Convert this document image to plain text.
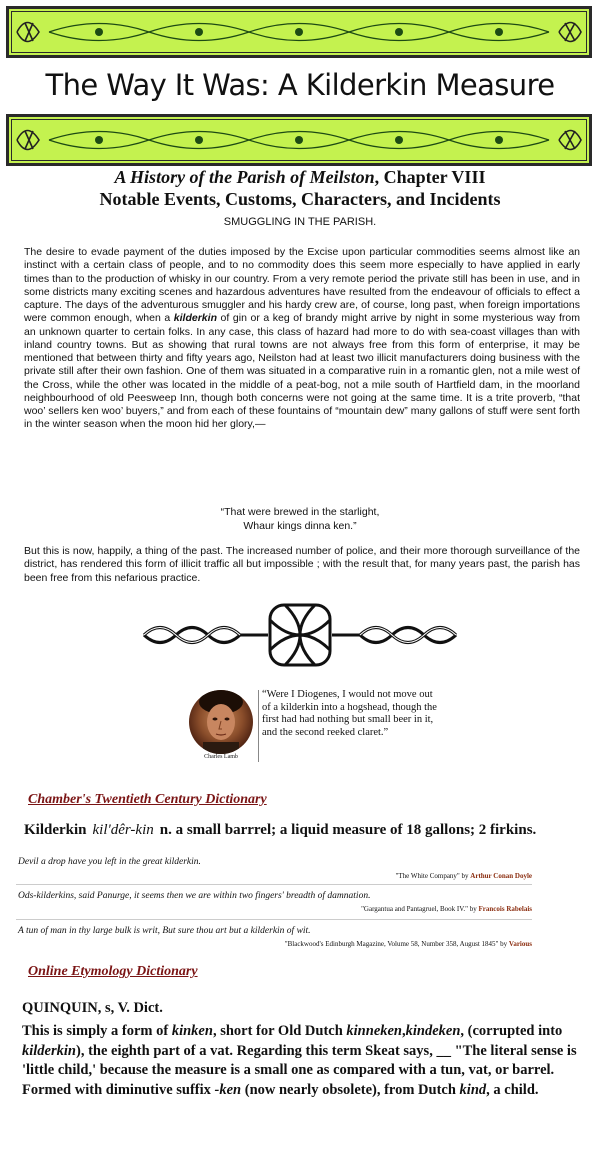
The Way It Was: A Kilderkin Measure
A History of the Parish of Meilston, Chapter VIII
Notable Events, Customs, Characters, and Incidents
SMUGGLING IN THE PARISH.
The desire to evade payment of the duties imposed by the Excise upon particular commodities seems almost like an instinct with a certain class of people, and to no commodity does this seem more especially to have applied in early times than to the production of whisky in our country. From a very remote period the private still has been in use, and in some districts many exciting scenes and hazardous adventures have resulted from the endeavour of officials to effect a capture. The days of the adventurous smuggler and his hardy crew are, of course, long past, when foreign importations were common enough, when a kilderkin of gin or a keg of brandy might arrive by night in some mysterious way from an unknown quarter to certain folks. In any case, this class of hazard had more to do with sea-coast villages than with inland country towns. But as showing that rural towns are not always free from this form of enterprise, it may be mentioned that between thirty and fifty years ago, Neilston had at least two illicit manufacturers doing business with the private still after their own fashion. One of them was situated in a comparative ruin in a romantic glen, not a mile west of the Cross, while the other was located in the middle of a peat-bog, not a mile south of Hartfield dam, in the moorland neighbourhood of old Peesweep Inn, though both concerns were not going at the same time. It is a trite proverb, “that woo’ sellers ken woo’ buyers,” and from each of these fountains of “mountain dew” many gallons of stuff were sent forth in the winter season when the moon hid her glory,—
“That were brewed in the starlight,
Whaur kings dinna ken.”
But this is now, happily, a thing of the past. The increased number of police, and their more thorough surveillance of the district, has rendered this form of illicit traffic all but impossible ; with the result that, for many years past, the parish has been free from this nefarious practice.
Charles Lamb
“Were I Diogenes, I would not move out of a kilderkin into a hogshead, though the first had had nothing but small beer in it, and the second reeked claret.”
Chamber's Twentieth Century Dictionary
Kilderkin kil'dêr-kin n. a small barrrel; a liquid measure of 18 gallons; 2 firkins.
Devil a drop have you left in the great kilderkin.
"The White Company" by Arthur Conan Doyle
Ods-kilderkins, said Panurge, it seems then we are within two fingers' breadth of damnation.
"Gargantua and Pantagruel, Book IV." by Francois Rabelais
A tun of man in thy large bulk is writ, But sure thou art but a kilderkin of wit.
"Blackwood's Edinburgh Magazine, Volume 58, Number 358, August 1845" by Various
Online Etymology Dictionary
QUINQUIN, s, V. Dict.
This is simply a form of kinken, short for Old Dutch kinneken,kindeken, (corrupted into kilderkin), the eighth part of a vat. Regarding this term Skeat says, __ "The literal sense is 'little child,' because the measure is a small one as compared with a tun, vat, or barrel. Formed with diminutive suffix -ken (now nearly obsolete), from Dutch kind, a child.
